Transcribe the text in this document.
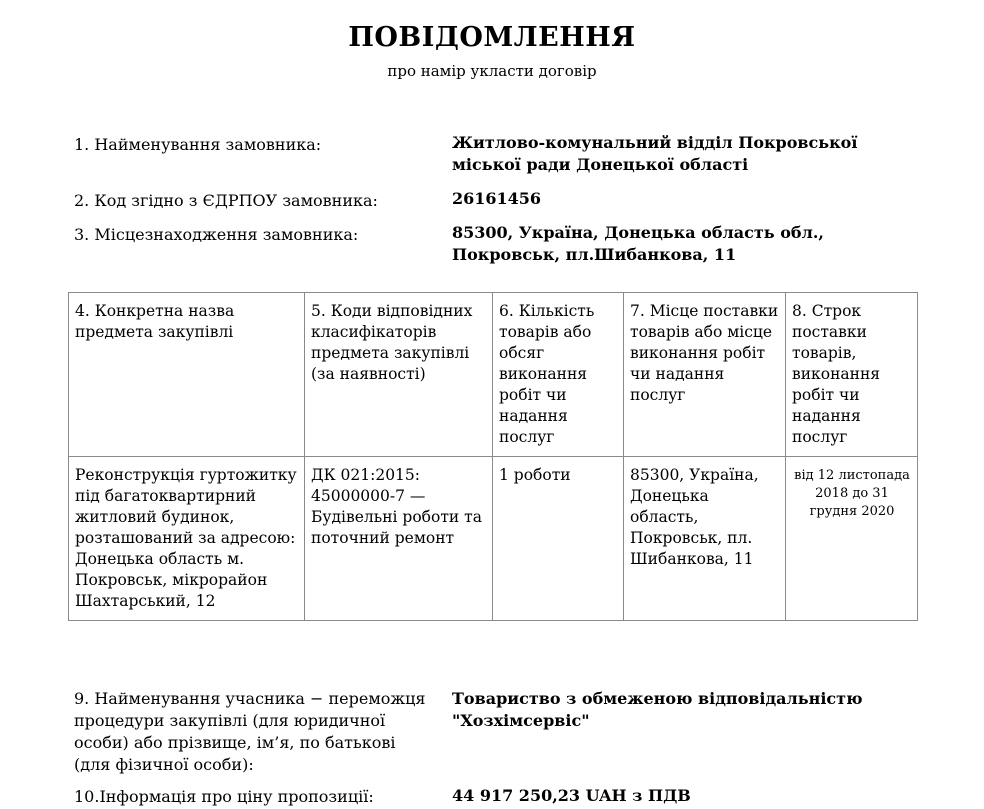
ПОВІДОМЛЕННЯ
про намір укласти договір
1. Найменування замовника:	Житлово-комунальний відділ Покровської
міської ради Донецької області
2. Код згідно з ЄДРПОУ замовника:	26161456
3. Місцезнаходження замовника:	85300, Україна, Донецька область обл.,
Покровськ, пл.Шибанкова, 11
4. Конкретна назва предмета закупівлі	5. Коди відповідних класифікаторів предмета закупівлі (за наявності)	6. Кількість товарів або обсяг виконання робіт чи надання послуг	7. Місце поставки товарів або місце виконання робіт чи надання послуг	8. Строк поставки товарів, виконання робіт чи надання послуг
Реконструкція гуртожитку під багатоквартирний житловий будинок, розташований за адресою: Донецька область м. Покровськ, мікрорайон Шахтарський, 12	ДК 021:2015: 45000000-7 — Будівельні роботи та поточний ремонт	1 роботи	85300, Україна, Донецька область, Покровськ, пл. Шибанкова, 11	від 12 листопада 2018 до 31 грудня 2020
9. Найменування учасника − переможця процедури закупівлі (для юридичної особи) або прізвище, ім’я, по батькові (для фізичної особи):
Товариство з обмеженою відповідальністю
"Хозхімсервіс"
10.Інформація про ціну пропозиції:	44 917 250,23 UAH з ПДВ
